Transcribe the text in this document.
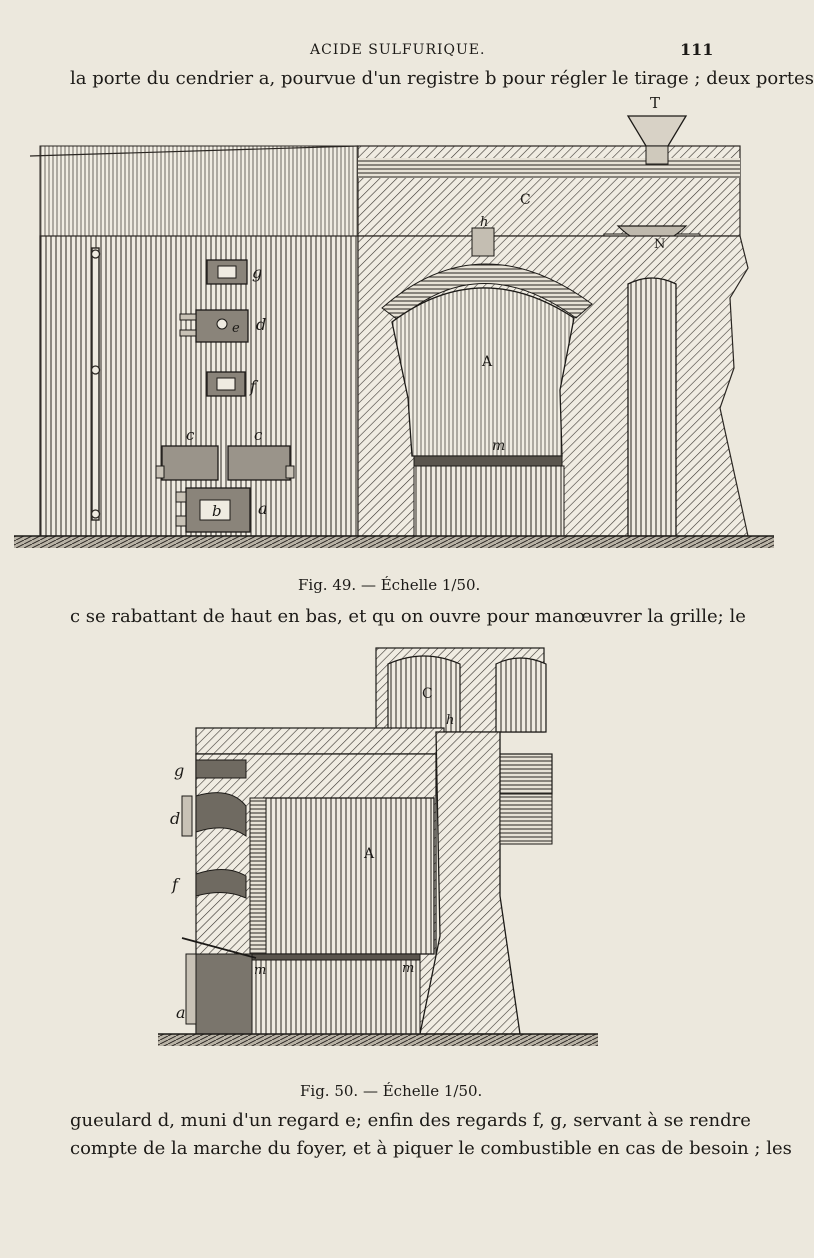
ACIDE SULFURIQUE.	111
la porte du cendrier a, pourvue d'un registre b pour régler le tirage ; deux portes
T
C
h
N
A
m
g
d
e
f
c	c
b a
Fig. 49. — Échelle 1/50.
c se rabattant de haut en bas, et qu on ouvre pour manœuvrer la grille; le
C
h
g
d
f
A
m	m
a
Fig. 50. — Échelle 1/50.
gueulard d, muni d'un regard e; enfin des regards f, g, servant à se rendre
compte de la marche du foyer, et à piquer le combustible en cas de besoin ; les
